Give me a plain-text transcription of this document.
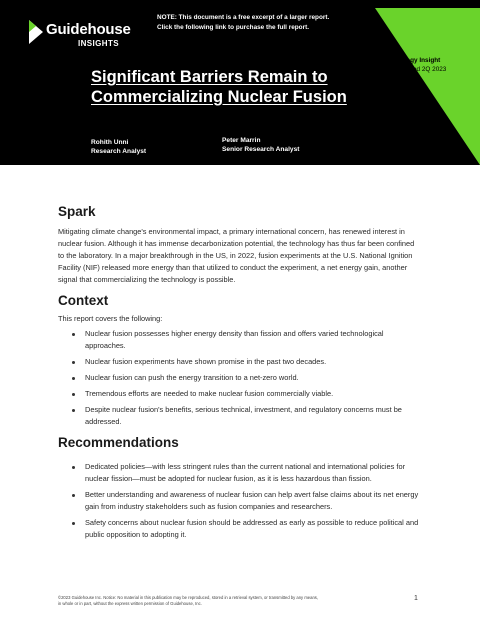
Guidehouse
INSIGHTS
NOTE: This document is a free excerpt of a larger report.
Click the following link to purchase the full report.
Strategy Insight
Published 2Q 2023
Significant Barriers Remain to
Commercializing Nuclear Fusion
Rohith Unni
Research Analyst
Peter Marrin
Senior Research Analyst
Spark

Mitigating climate change's environmental impact, a primary international concern, has renewed interest in nuclear fusion. Although it has immense decarbonization potential, the technology has thus far been confined to the laboratory. In a major breakthrough in the US, in 2022, fusion experiments at the U.S. National Ignition Facility (NIF) released more energy than that utilized to conduct the experiment, a net energy gain, another signal that commercializing the technology is possible.

Context

This report covers the following:

Nuclear fusion possesses higher energy density than fission and offers varied technological approaches.
Nuclear fusion experiments have shown promise in the past two decades.
Nuclear fusion can push the energy transition to a net-zero world.
Tremendous efforts are needed to make nuclear fusion commercially viable.
Despite nuclear fusion's benefits, serious technical, investment, and regulatory concerns must be addressed.
Recommendations
Dedicated policies—with less stringent rules than the current national and international policies for nuclear fission—must be adopted for nuclear fusion, as it is less hazardous than fission.
Better understanding and awareness of nuclear fusion can help avert false claims about its net energy gain from industry stakeholders such as fusion companies and researchers.
Safety concerns about nuclear fusion should be addressed as early as possible to reduce political and public opposition to adopting it.
©2023 Guidehouse Inc. Notice: No material in this publication may be reproduced, stored in a retrieval system, or transmitted by any means,
in whole or in part, without the express written permission of Guidehouse, Inc.
1
